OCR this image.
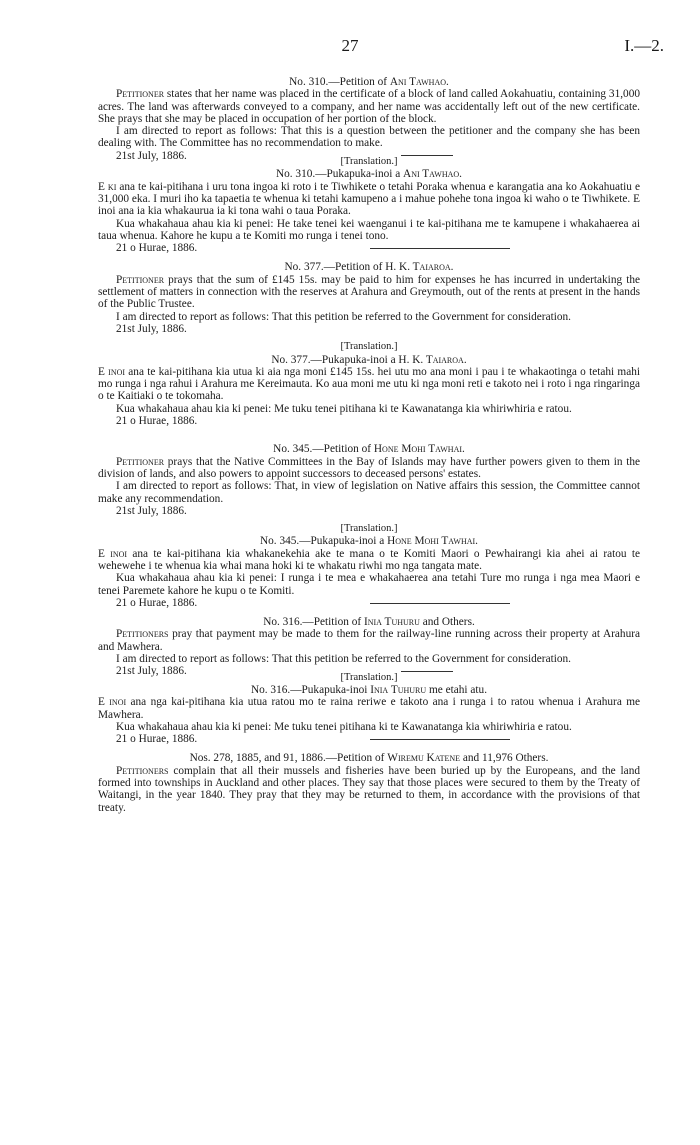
27	I.—2.

No. 310.—Petition of Ani Tawhao.

Petitioner states that her name was placed in the certificate of a block of land called Aokahuatiu, containing 31,000 acres. The land was afterwards conveyed to a company, and her name was accidentally left out of the new certificate. She prays that she may be placed in occupation of her portion of the block.

I am directed to report as follows: That this is a question between the petitioner and the company she has been dealing with. The Committee has no recommendation to make.

21st July, 1886.	[Translation.]

No. 310.—Pukapuka-inoi a Ani Tawhao.

E ki ana te kai-pitihana i uru tona ingoa ki roto i te Tiwhikete o tetahi Poraka whenua e karangatia ana ko Aokahuatiu e 31,000 eka. I muri iho ka tapaetia te whenua ki tetahi kamupeno a i mahue pohehe tona ingoa ki waho o te Tiwhikete. E inoi ana ia kia whakaurua ia ki tona wahi o taua Poraka.

Kua whakahaua ahau kia ki penei: He take tenei kei waenganui i te kai-pitihana me te kamupene i whakahaerea ai taua whenua. Kahore he kupu a te Komiti mo runga i tenei tono.

21 o Hurae, 1886.

No. 377.—Petition of H. K. Taiaroa.

Petitioner prays that the sum of £145 15s. may be paid to him for expenses he has incurred in undertaking the settlement of matters in connection with the reserves at Arahura and Greymouth, out of the rents at present in the hands of the Public Trustee.

I am directed to report as follows: That this petition be referred to the Government for consideration.

21st July, 1886.

[Translation.]

No. 377.—Pukapuka-inoi a H. K. Taiaroa.

E inoi ana te kai-pitihana kia utua ki aia nga moni £145 15s. hei utu mo ana moni i pau i te whakaotinga o tetahi mahi mo runga i nga rahui i Arahura me Kereimauta. Ko aua moni me utu ki nga moni reti e takoto nei i roto i nga ringaringa o te Kaitiaki o te tokomaha.

Kua whakahaua ahau kia ki penei: Me tuku tenei pitihana ki te Kawanatanga kia whiriwhiria e ratou.

21 o Hurae, 1886.

No. 345.—Petition of Hone Mohi Tawhai.

Petitioner prays that the Native Committees in the Bay of Islands may have further powers given to them in the division of lands, and also powers to appoint successors to deceased persons' estates.

I am directed to report as follows: That, in view of legislation on Native affairs this session, the Committee cannot make any recommendation.

21st July, 1886.

[Translation.]

No. 345.—Pukapuka-inoi a Hone Mohi Tawhai.

E inoi ana te kai-pitihana kia whakanekehia ake te mana o te Komiti Maori o Pewhairangi kia ahei ai ratou te wehewehe i te whenua kia whai mana hoki ki te whakatu riwhi mo nga tangata mate.

Kua whakahaua ahau kia ki penei: I runga i te mea e whakahaerea ana tetahi Ture mo runga i nga mea Maori e tenei Paremete kahore he kupu o te Komiti.

21 o Hurae, 1886.

No. 316.—Petition of Inia Tuhuru and Others.

Petitioners pray that payment may be made to them for the railway-line running across their property at Arahura and Mawhera.

I am directed to report as follows: That this petition be referred to the Government for consideration.

21st July, 1886.	[Translation.]

No. 316.—Pukapuka-inoi Inia Tuhuru me etahi atu.

E inoi ana nga kai-pitihana kia utua ratou mo te raina reriwe e takoto ana i runga i to ratou whenua i Arahura me Mawhera.

Kua whakahaua ahau kia ki penei: Me tuku tenei pitihana ki te Kawanatanga kia whiriwhiria e ratou.

21 o Hurae, 1886.

Nos. 278, 1885, and 91, 1886.—Petition of Wiremu Katene and 11,976 Others.

Petitioners complain that all their mussels and fisheries have been buried up by the Europeans, and the land formed into townships in Auckland and other places. They say that those places were secured to them by the Treaty of Waitangi, in the year 1840. They pray that they may be returned to them, in accordance with the provisions of that treaty.
